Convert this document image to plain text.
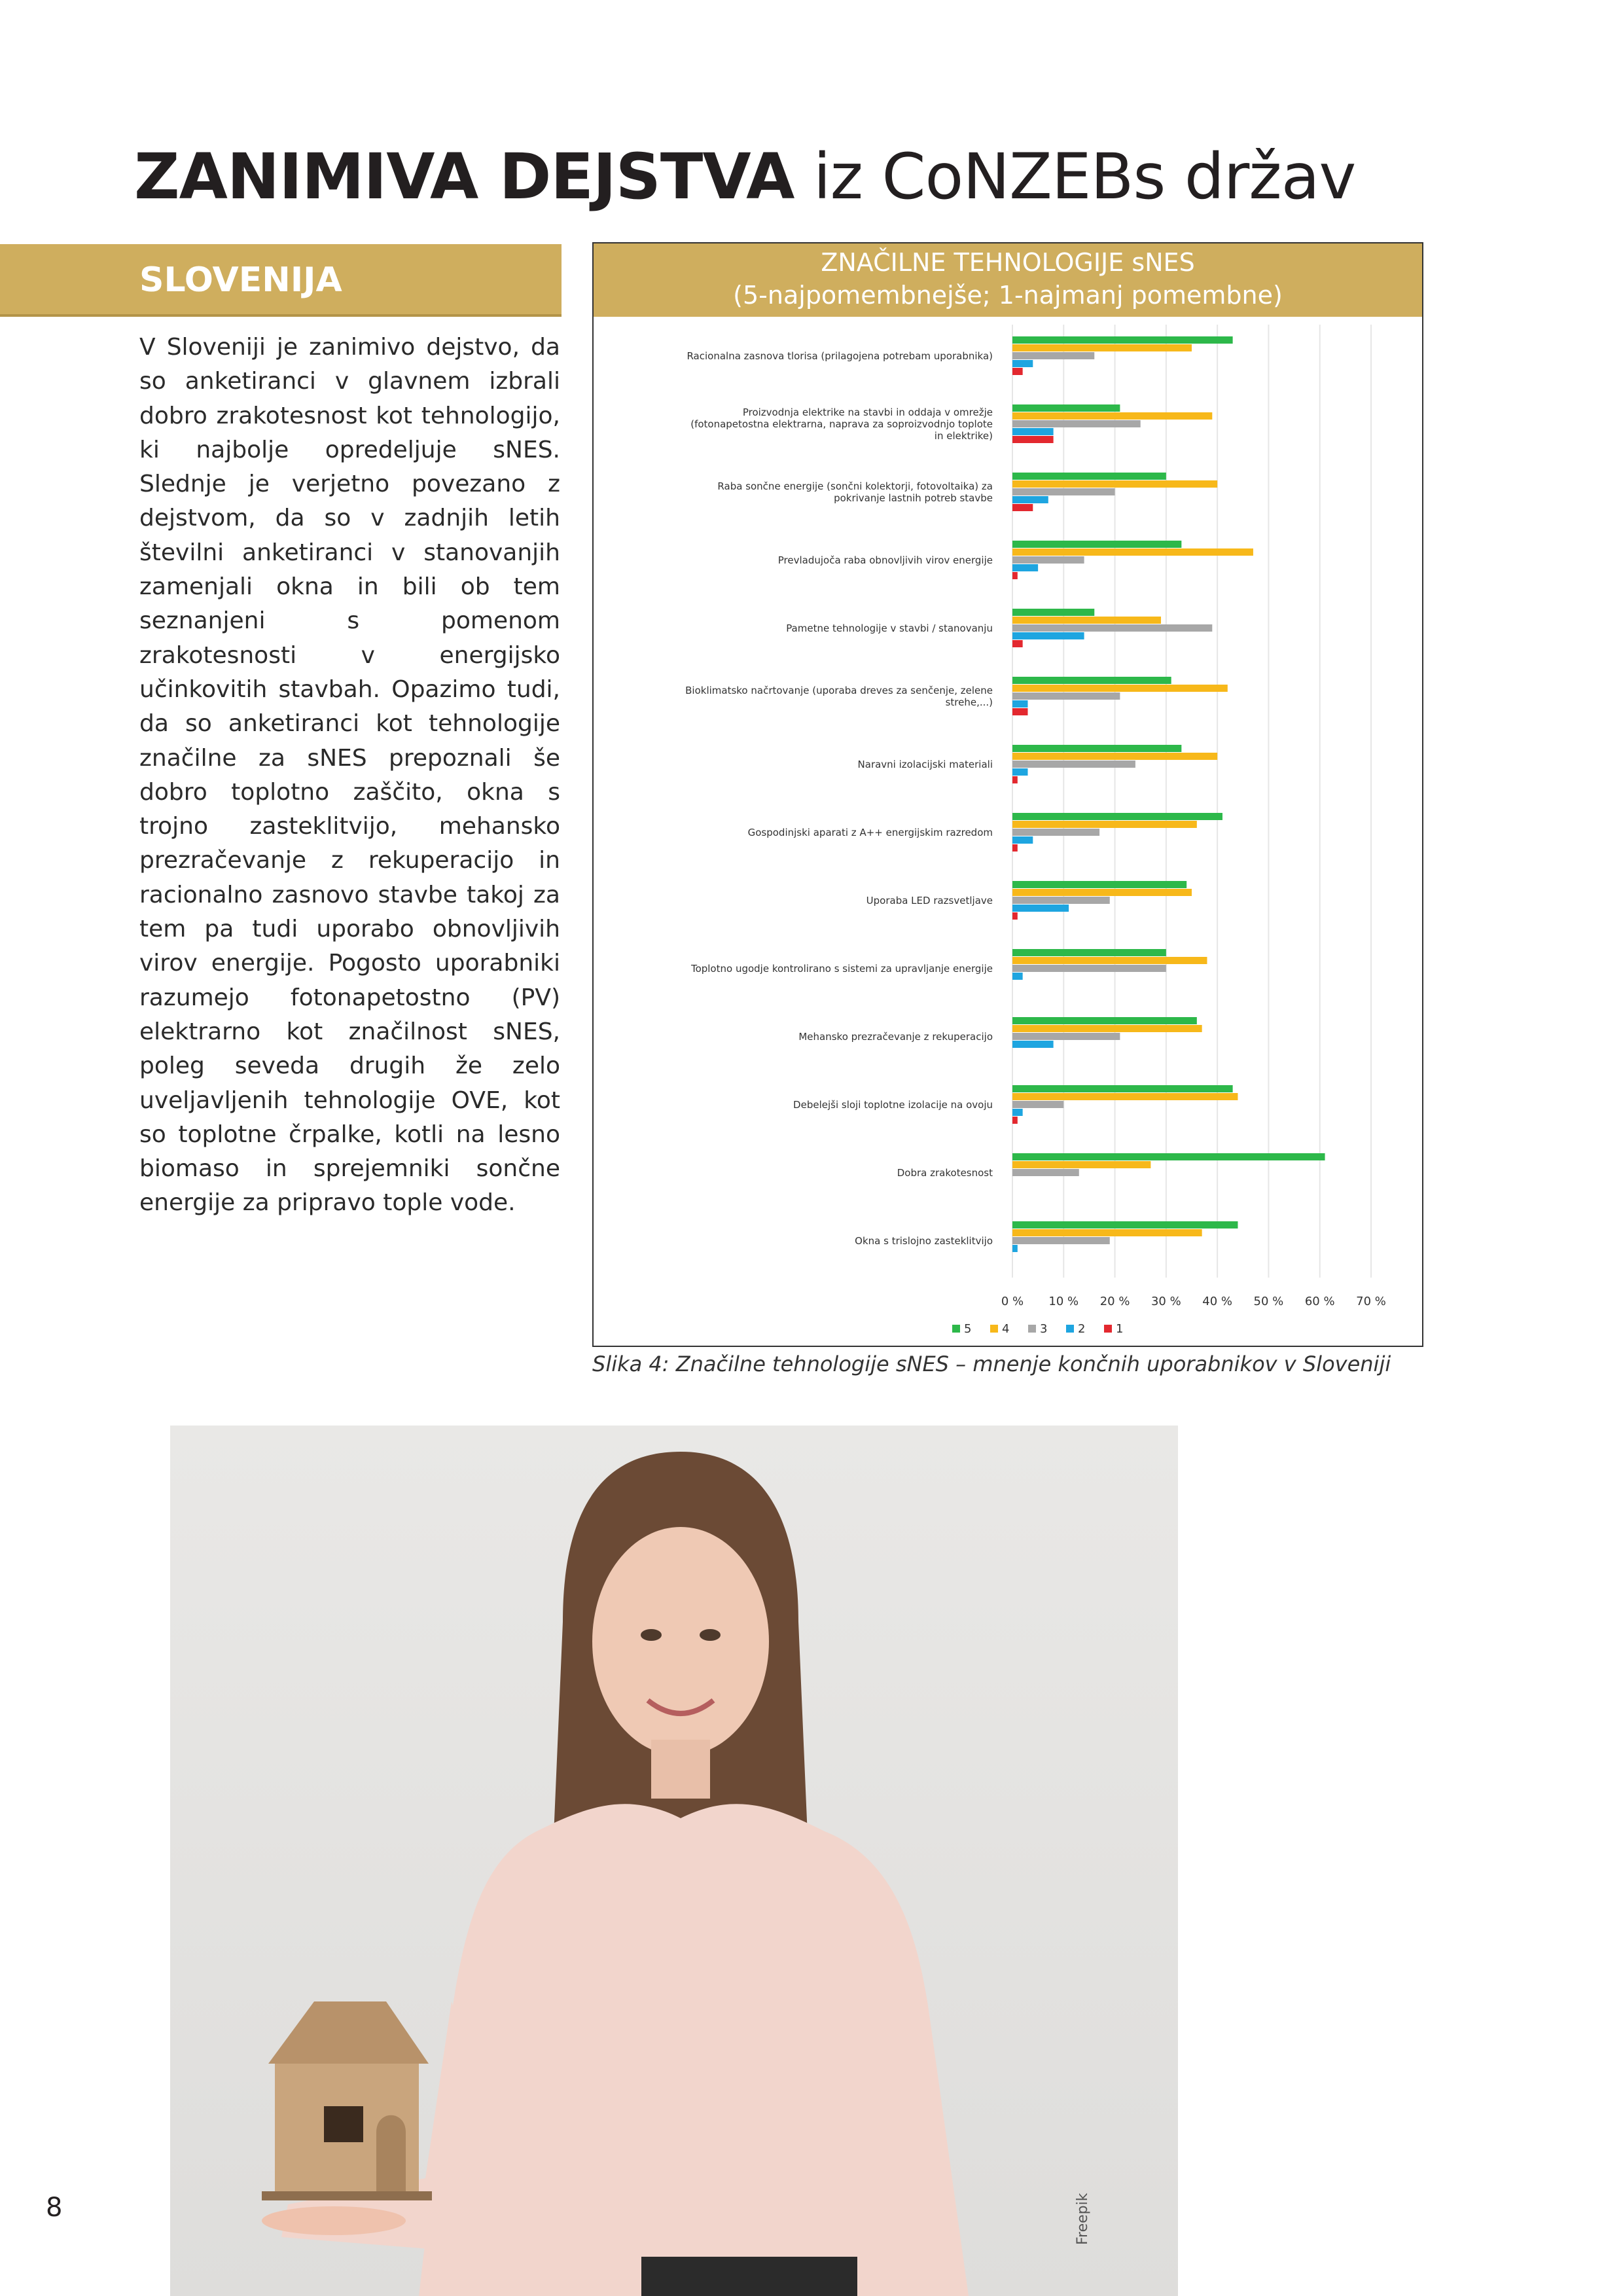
ZANIMIVA DEJSTVA iz CoNZEBs držav
SLOVENIJA
V Sloveniji je zanimivo dejstvo, da so anketiranci v glavnem izbrali dobro zrakotesnost kot tehnologijo, ki najbolje opredeljuje sNES. Slednje je verjetno povezano z dejstvom, da so v zadnjih letih številni anketiranci v stanovanjih zamenjali okna in bili ob tem seznanjeni s pomenom zrakotesnosti v energijsko učinkovitih stavbah. Opazimo tudi, da so anketiranci kot tehnologije značilne za sNES prepoznali še dobro toplotno zaščito, okna s trojno zasteklitvijo, mehansko prezračevanje z rekuperacijo in racionalno zasnovo stavbe takoj za tem pa tudi uporabo obnovljivih virov energije. Pogosto uporabniki razumejo fotonapetostno (PV) elektrarno kot značilnost sNES, poleg seveda drugih že zelo uveljavljenih tehnologije OVE, kot so toplotne črpalke, kotli na lesno biomaso in sprejemniki sončne energije za pripravo tople vode.
ZNAČILNE TEHNOLOGIJE sNES
(5-najpomembnejše; 1-najmanj pomembne)
Racionalna zasnova tlorisa (prilagojena potrebam uporabnika)
Proizvodnja elektrike na stavbi in oddaja v omrežje (fotonapetostna elektrarna, naprava za soproizvodnjo toplote in elektrike)
Raba sončne energije (sončni kolektorji, fotovoltaika) za pokrivanje lastnih potreb stavbe
Prevladujoča raba obnovljivih virov energije
Pametne tehnologije v stavbi / stanovanju
Bioklimatsko načrtovanje (uporaba dreves za senčenje, zelene strehe,...)
Naravni izolacijski materiali
Gospodinjski aparati z A++ energijskim razredom
Uporaba LED razsvetljave
Toplotno ugodje kontrolirano s sistemi za upravljanje energije
Mehansko prezračevanje z rekuperacijo
Debelejši sloji toplotne izolacije na ovoju
Dobra zrakotesnost
Okna s trislojno zasteklitvijo
0 % 10 % 20 % 30 % 40 % 50 % 60 % 70 %
5	4	3	2	1
Slika 4: Značilne tehnologije sNES – mnenje končnih uporabnikov v Sloveniji
Freepik
8
